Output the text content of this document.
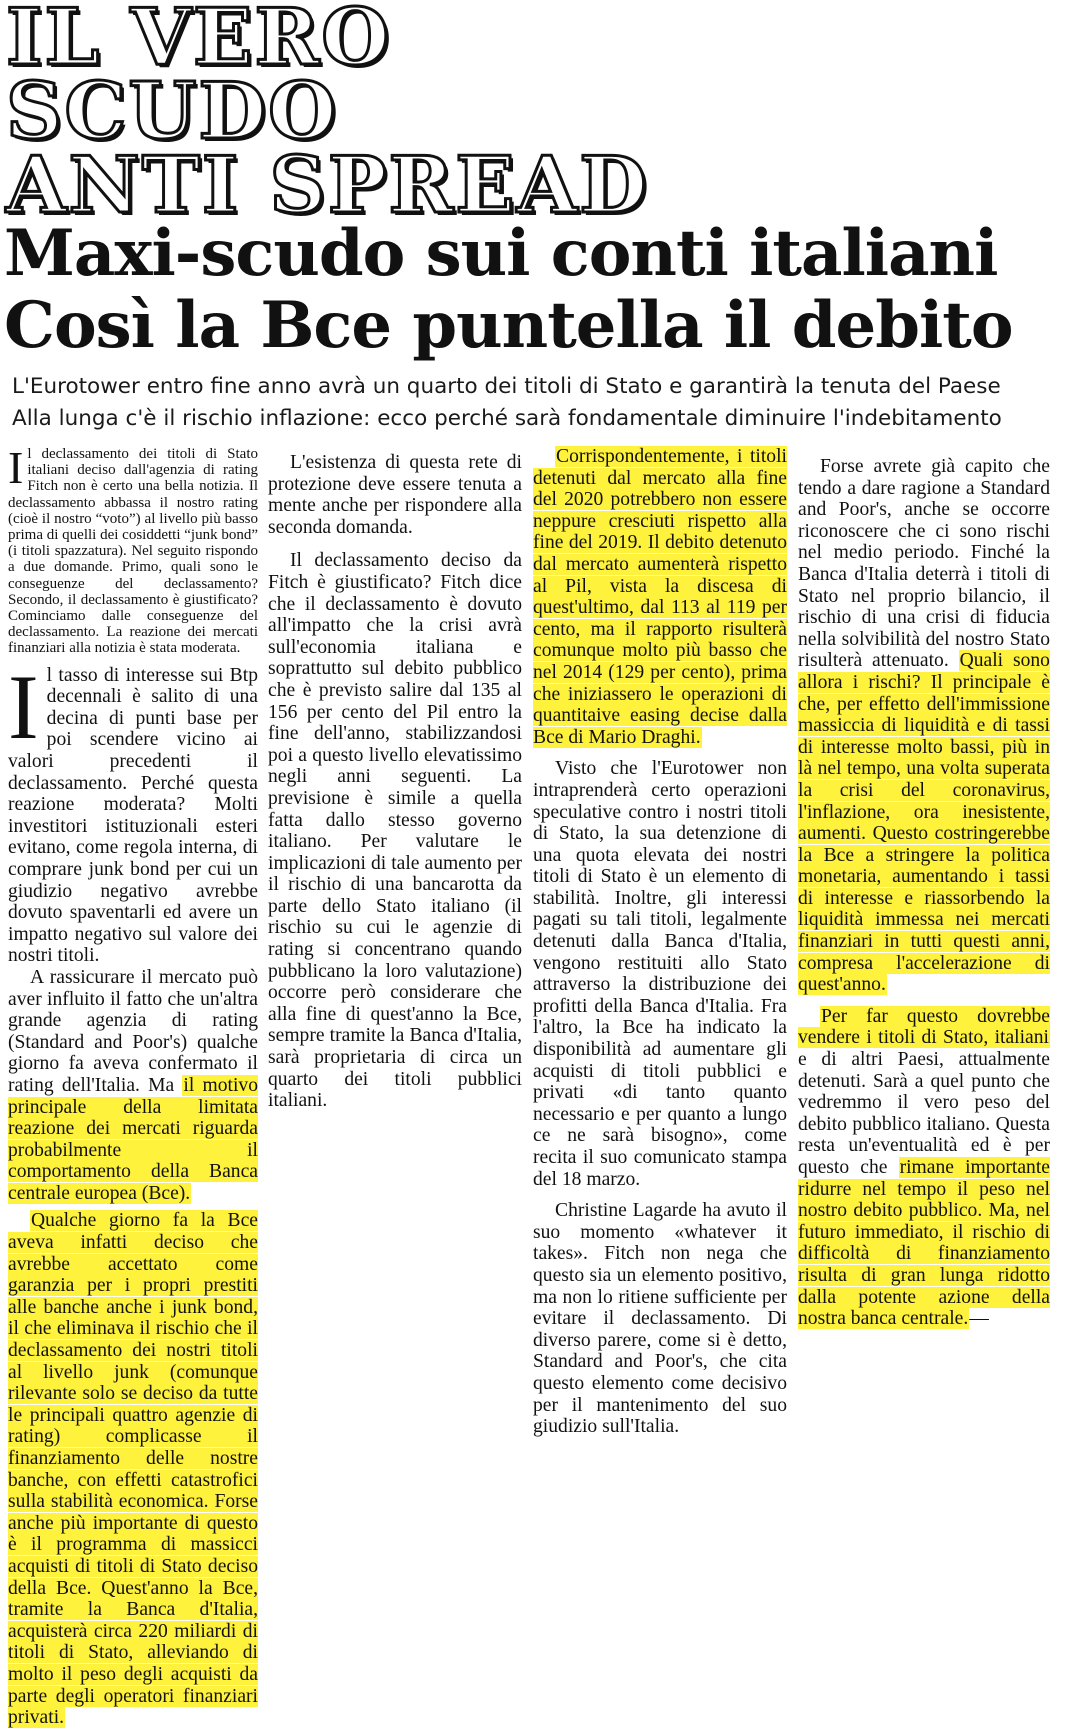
IL VERO
SCUDO
ANTI SPREAD
Maxi-scudo sui conti italiani
Così la Bce puntella il debito
L'Eurotower entro fine anno avrà un quarto dei titoli di Stato e garantirà la tenuta del Paese
Alla lunga c'è il rischio inflazione: ecco perché sarà fondamentale diminuire l'indebitamento

Il declassamento dei titoli di Stato italiani deciso dall'agenzia di rating Fitch non è certo una bella notizia. Il declassamento abbassa il nostro rating (cioè il nostro “voto”) al livello più basso prima di quelli dei cosiddetti “junk bond” (i titoli spazzatura). Nel seguito rispondo a due domande. Primo, quali sono le conseguenze del declassamento? Secondo, il declassamento è giustificato? Cominciamo dalle conseguenze del declassamento. La reazione dei mercati finanziari alla notizia è stata moderata.

Il tasso di interesse sui Btp decennali è salito di una decina di punti base per poi scendere vicino ai valori precedenti il declassamento. Perché questa reazione moderata? Molti investitori istituzionali esteri evitano, come regola interna, di comprare junk bond per cui un giudizio negativo avrebbe dovuto spaventarli ed avere un impatto negativo sul valore dei nostri titoli.

A rassicurare il mercato può aver influito il fatto che un'altra grande agenzia di rating (Standard and Poor's) qualche giorno fa aveva confermato il rating dell'Italia. Ma il motivo principale della limitata reazione dei mercati riguarda probabilmente il comportamento della Banca centrale europea (Bce).

Qualche giorno fa la Bce aveva infatti deciso che avrebbe accettato come garanzia per i propri prestiti alle banche anche i junk bond, il che eliminava il rischio che il declassamento dei nostri titoli al livello junk (comunque rilevante solo se deciso da tutte le principali quattro agenzie di rating) complicasse il finanziamento delle nostre banche, con effetti catastrofici sulla stabilità economica. Forse anche più importante di questo è il programma di massicci acquisti di titoli di Stato deciso della Bce. Quest'anno la Bce, tramite la Banca d'Italia, acquisterà circa 220 miliardi di titoli di Stato, alleviando di molto il peso degli acquisti da parte degli operatori finanziari privati.

L'esistenza di questa rete di protezione deve essere tenuta a mente anche per rispondere alla seconda domanda.

Il declassamento deciso da Fitch è giustificato? Fitch dice che il declassamento è dovuto all'impatto che la crisi avrà sull'economia italiana e soprattutto sul debito pubblico che è previsto salire dal 135 al 156 per cento del Pil entro la fine dell'anno, stabilizzandosi poi a questo livello elevatissimo negli anni seguenti. La previsione è simile a quella fatta dallo stesso governo italiano. Per valutare le implicazioni di tale aumento per il rischio di una bancarotta da parte dello Stato italiano (il rischio su cui le agenzie di rating si concentrano quando pubblicano la loro valutazione) occorre però considerare che alla fine di quest'anno la Bce, sempre tramite la Banca d'Italia, sarà proprietaria di circa un quarto dei titoli pubblici italiani.

Corrispondentemente, i titoli detenuti dal mercato alla fine del 2020 potrebbero non essere neppure cresciuti rispetto alla fine del 2019. Il debito detenuto dal mercato aumenterà rispetto al Pil, vista la discesa di quest'ultimo, dal 113 al 119 per cento, ma il rapporto risulterà comunque molto più basso che nel 2014 (129 per cento), prima che iniziassero le operazioni di quantitaive easing decise dalla Bce di Mario Draghi.

Visto che l'Eurotower non intraprenderà certo operazioni speculative contro i nostri titoli di Stato, la sua detenzione di una quota elevata dei nostri titoli di Stato è un elemento di stabilità. Inoltre, gli interessi pagati su tali titoli, legalmente detenuti dalla Banca d'Italia, vengono restituiti allo Stato attraverso la distribuzione dei profitti della Banca d'Italia. Fra l'altro, la Bce ha indicato la disponibilità ad aumentare gli acquisti di titoli pubblici e privati «di tanto quanto necessario e per quanto a lungo ce ne sarà bisogno», come recita il suo comunicato stampa del 18 marzo.

Christine Lagarde ha avuto il suo momento «whatever it takes». Fitch non nega che questo sia un elemento positivo, ma non lo ritiene sufficiente per evitare il declassamento. Di diverso parere, come si è detto, Standard and Poor's, che cita questo elemento come decisivo per il mantenimento del suo giudizio sull'Italia.

Forse avrete già capito che tendo a dare ragione a Standard and Poor's, anche se occorre riconoscere che ci sono rischi nel medio periodo. Finché la Banca d'Italia deterrà i titoli di Stato nel proprio bilancio, il rischio di una crisi di fiducia nella solvibilità del nostro Stato risulterà attenuato. Quali sono allora i rischi? Il principale è che, per effetto dell'immissione massiccia di liquidità e di tassi di interesse molto bassi, più in là nel tempo, una volta superata la crisi del coronavirus, l'inflazione, ora inesistente, aumenti. Questo costringerebbe la Bce a stringere la politica monetaria, aumentando i tassi di interesse e riassorbendo la liquidità immessa nei mercati finanziari in tutti questi anni, compresa l'accelerazione di quest'anno.

Per far questo dovrebbe vendere i titoli di Stato, italiani e di altri Paesi, attualmente detenuti. Sarà a quel punto che vedremmo il vero peso del debito pubblico italiano. Questa resta un'eventualità ed è per questo che rimane importante ridurre nel tempo il peso nel nostro debito pubblico. Ma, nel futuro immediato, il rischio di difficoltà di finanziamento risulta di gran lunga ridotto dalla potente azione della nostra banca centrale.—
